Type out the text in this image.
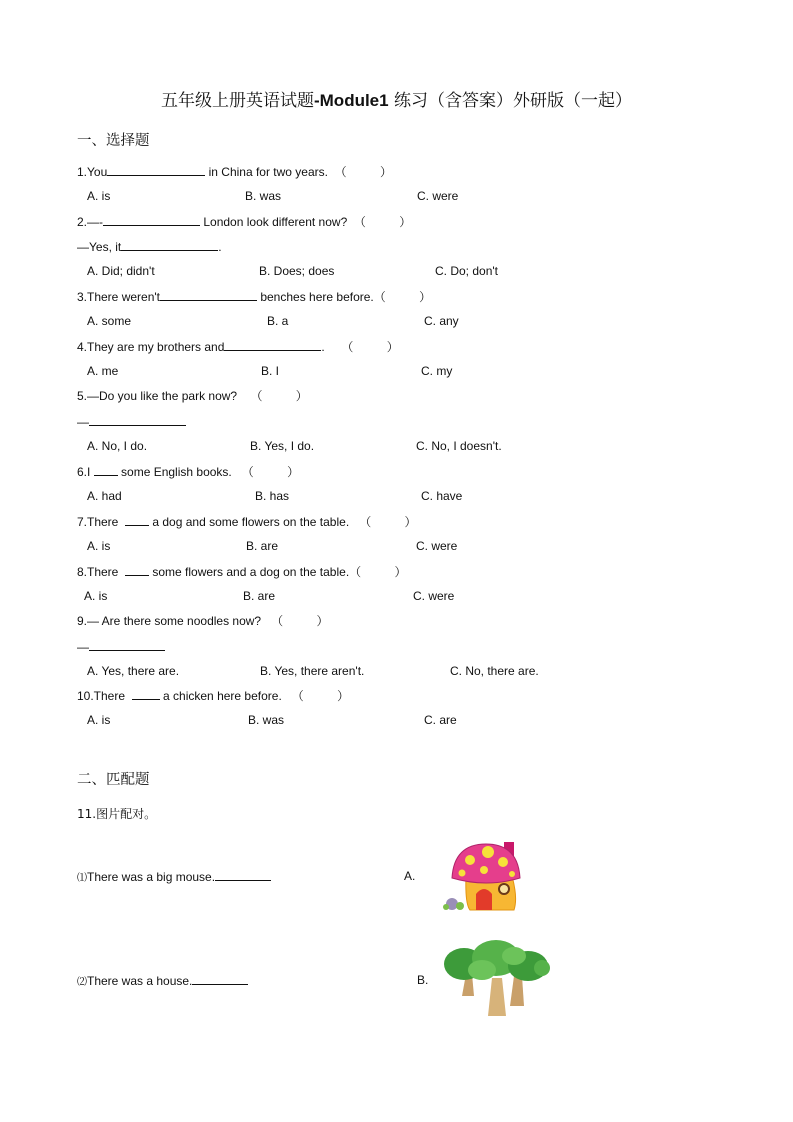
五年级上册英语试题-Module1 练习（含答案）外研版（一起）
一、选择题
1.You	in China for two years. （          ）
A. is	B. was	C. were
2.—-	London look different now? （          ）
—Yes, it	.
A. Did; didn't	B. Does; does	C. Do; don't
3.There weren't	benches here before.（          ）
A. some	B. a	C. any
4.They are my brothers and	. （          ）
A. me	B. I	C. my
5.—Do you like the park now? （          ）
—
A. No, I do.	B. Yes, I do.	C. No, I doesn't.
6.I  some English books. （          ）
A. had	B. has	C. have
7.There	a dog and some flowers on the table. （          ）
A. is	B. are	C. were
8.There	some flowers and a dog on the table.（          ）
A. is	B. are	C. were
9.— Are there some noodles now? （          ）
—
A. Yes, there are.	B. Yes, there aren't.	C. No, there are.
10.There	a chicken here before. （          ）
A. is	B. was	C. are
二、匹配题
11.图片配对。
⑴There was a big mouse.	A.
⑵There was a house.	B.
